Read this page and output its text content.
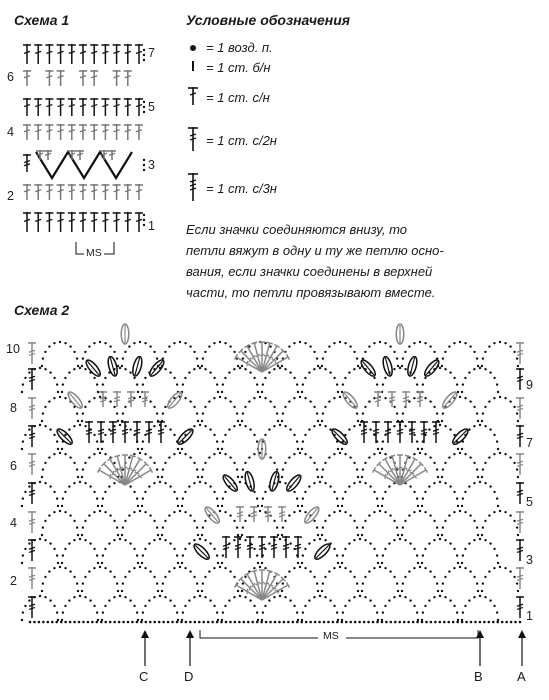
Схема 1
7
6
5
4
3
2
1
MS
Условные обозначения
= 1 возд. п.
= 1 ст. б/н
= 1 ст. с/н
= 1 ст. с/2н
= 1 ст. с/3н
Если значки соединяются внизу, то
петли вяжут в одну и ту же петлю осно-
вания, если значки соединены в верхней
части, то петли провязывают вместе.
Схема 2
10
8
6
4
2
9
7
5
3
1
MS
C	D	B	A
